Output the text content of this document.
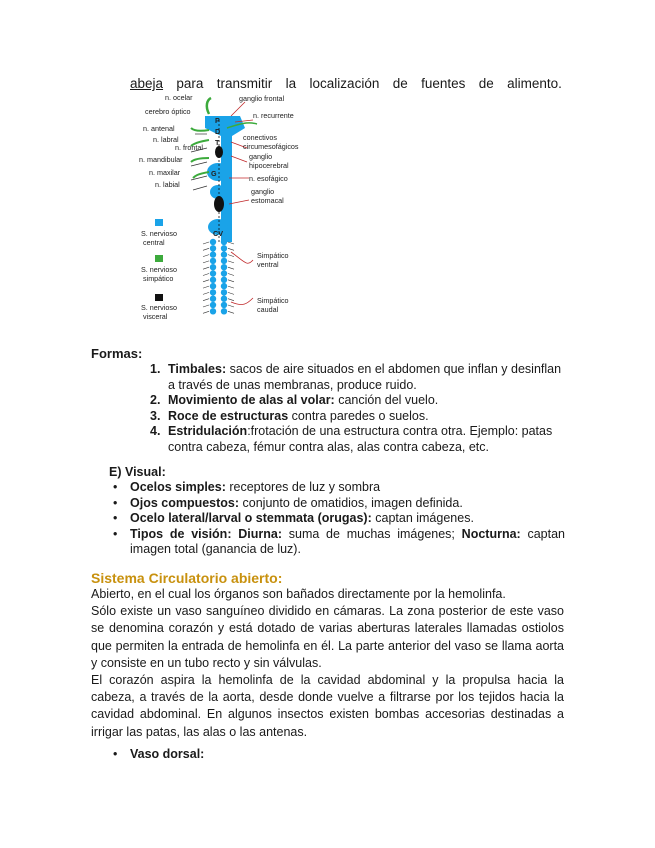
abeja para transmitir la localización de fuentes de alimento.
P
D
T
G
CV
n. ocelar
cerebro óptico
n. antenal
n. labral
n. mandibular
n. maxilar
n. labial
n. frontal
ganglio frontal
n. recurrente
conectivos
circumesofágicos
ganglio
hipocerebral
n. esofágico
ganglio
estomacal
Simpático
ventral
Simpático
caudal
S. nervioso
central
S. nervioso
simpático
S. nervioso
visceral
Formas:
1. Timbales: sacos de aire situados en el abdomen que inflan y desinflan a través de unas membranas, produce ruido.
2. Movimiento de alas al volar: canción del vuelo.
3. Roce de estructuras contra paredes o suelos.
4. Estridulación:frotación de una estructura contra otra. Ejemplo: patas contra cabeza, fémur contra alas, alas contra cabeza, etc.
E) Visual:
• Ocelos simples: receptores de luz y sombra
• Ojos compuestos: conjunto de omatidios, imagen definida.
• Ocelo lateral/larval o stemmata (orugas): captan imágenes.
• Tipos de visión: Diurna: suma de muchas imágenes; Nocturna: captan imagen total (ganancia de luz).
Sistema Circulatorio abierto:

Abierto, en el cual los órganos son bañados directamente por la hemolinfa.

Sólo existe un vaso sanguíneo dividido en cámaras. La zona posterior de este vaso se denomina corazón y está dotado de varias aberturas laterales llamadas ostiolos que permiten la entrada de hemolinfa en él. La parte anterior del vaso se llama aorta y consiste en un tubo recto y sin válvulas.

El corazón aspira la hemolinfa de la cavidad abdominal y la propulsa hacia la cabeza, a través de la aorta, desde donde vuelve a filtrarse por los tejidos hacia la cavidad abdominal. En algunos insectos existen bombas accesorias destinadas a irrigar las patas, las alas o las antenas.

• Vaso dorsal:
